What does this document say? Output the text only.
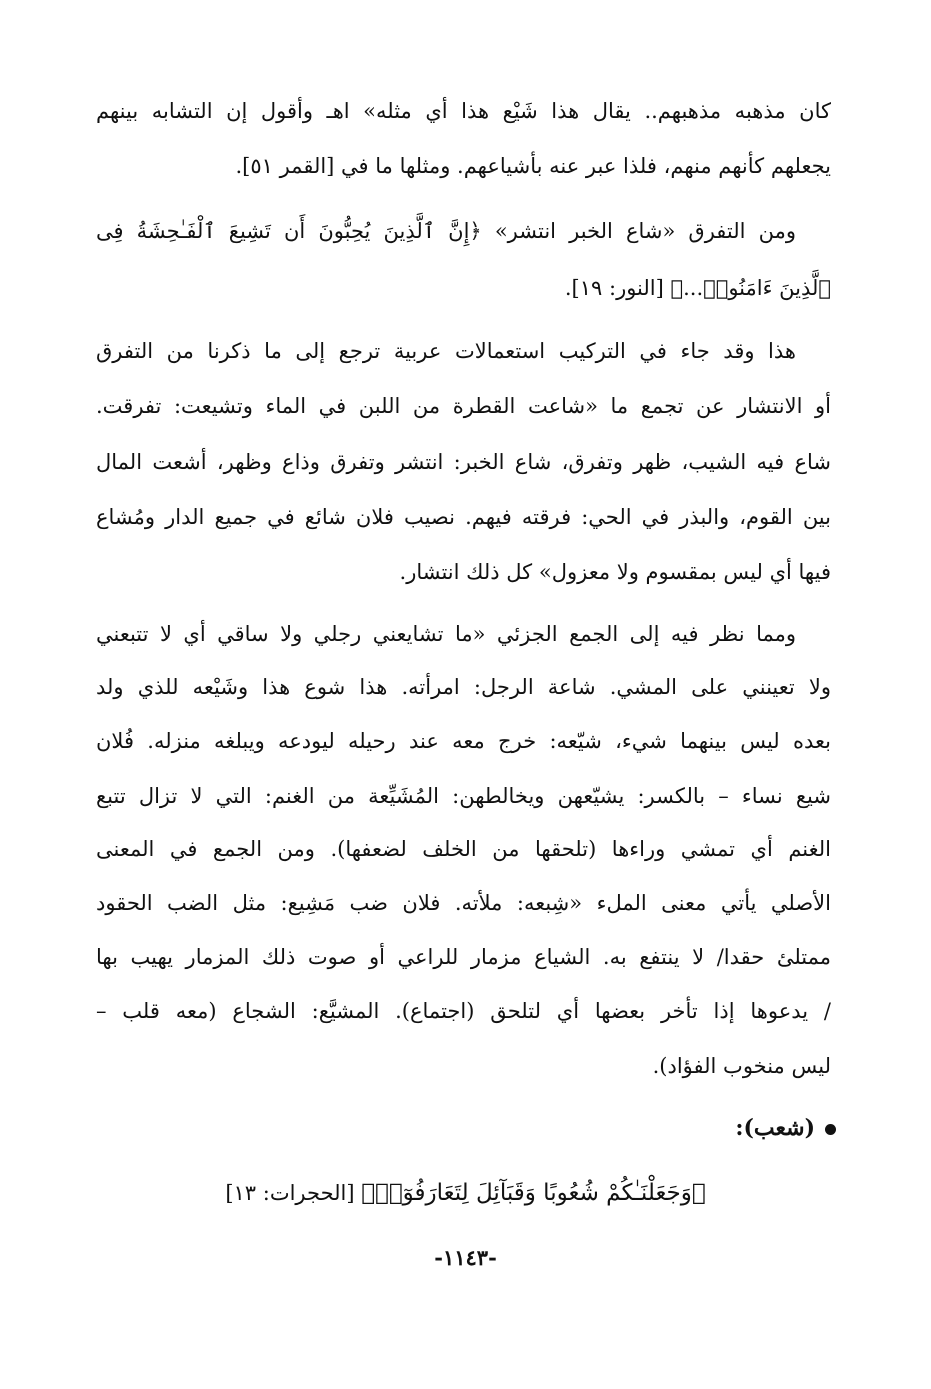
كان مذهبه مذهبهم.. يقال هذا شَيْع هذا أي مثله» اهـ وأقول إن التشابه بينهم
يجعلهم كأنهم منهم، فلذا عبر عنه بأشياعهم. ومثلها ما في [القمر ٥١].
ومن التفرق «شاع الخبر انتشر» ﴿إِنَّ ٱلَّذِينَ يُحِبُّونَ أَن تَشِيعَ ٱلْفَـٰحِشَةُ فِى
ٱلَّذِينَ ءَامَنُوا۟...﴾ [النور: ١٩].
هذا وقد جاء في التركيب استعمالات عربية ترجع إلى ما ذكرنا من التفرق
أو الانتشار عن تجمع ما «شاعت القطرة من اللبن في الماء وتشيعت: تفرقت.
شاع فيه الشيب، ظهر وتفرق، شاع الخبر: انتشر وتفرق وذاع وظهر، أشعت المال
بين القوم، والبذر في الحي: فرقته فيهم. نصيب فلان شائع في جميع الدار ومُشاع
فيها أي ليس بمقسوم ولا معزول» كل ذلك انتشار.
ومما نظر فيه إلى الجمع الجزئي «ما تشايعني رجلي ولا ساقي أي لا تتبعني
ولا تعينني على المشي. شاعة الرجل: امرأته. هذا شوع هذا وشَيْعه للذي ولد
بعده ليس بينهما شيء، شيّعه: خرج معه عند رحيله ليودعه ويبلغه منزله. فُلان
شيع نساء – بالكسر: يشيّعهن ويخالطهن: المُشَيِّعة من الغنم: التي لا تزال تتبع
الغنم أي تمشي وراءها (تلحقها من الخلف لضعفها). ومن الجمع في المعنى
الأصلي يأتي معنى الملء «شِبعه: ملأته. فلان ضب مَشِيع: مثل الضب الحقود
ممتلئ حقدا/ لا ينتفع به. الشياع مزمار للراعي أو صوت ذلك المزمار يهيب بها
/ يدعوها إذا تأخر بعضها أي لتلحق (اجتماع). المشيَّع: الشجاع (معه قلب –
ليس منخوب الفؤاد).
(شعب):
﴿وَجَعَلْنَـٰكُمْ شُعُوبًا وَقَبَآئِلَ لِتَعَارَفُوٓا۟﴾ [الحجرات: ١٣]
-١١٤٣-
